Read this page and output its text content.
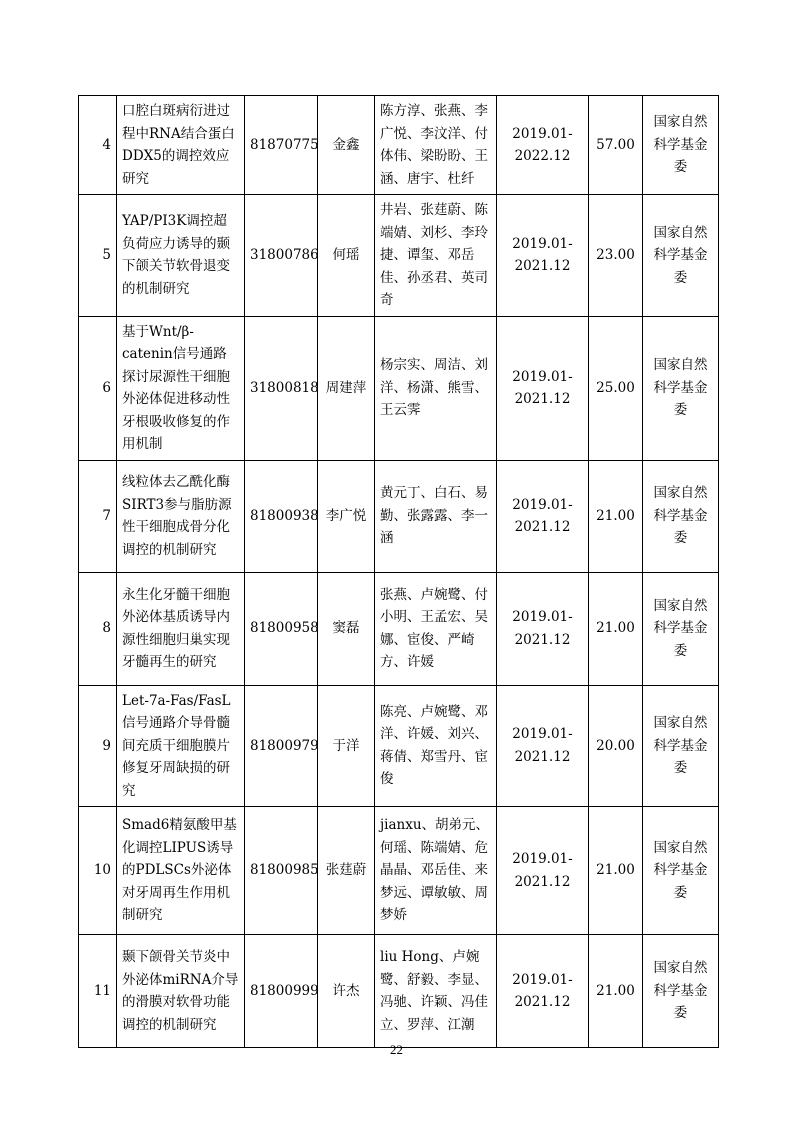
4	口腔白斑病衍进过程中RNA结合蛋白DDX5的调控效应研究	81870775	金鑫	陈方淳、张燕、李广悦、李汶洋、付体伟、梁盼盼、王涵、唐宇、杜纤	2019.01-2022.12	57.00	国家自然科学基金委
5	YAP/PI3K调控超负荷应力诱导的颞下颌关节软骨退变的机制研究	31800786	何瑶	井岩、张莛蔚、陈端婧、刘杉、李玲捷、谭玺、邓岳佳、孙丞君、英司奇	2019.01-2021.12	23.00	国家自然科学基金委
6	基于Wnt/β-catenin信号通路探讨尿源性干细胞外泌体促进移动性牙根吸收修复的作用机制	31800818	周建萍	杨宗实、周洁、刘洋、杨潇、熊雪、王云霁	2019.01-2021.12	25.00	国家自然科学基金委
7	线粒体去乙酰化酶SIRT3参与脂肪源性干细胞成骨分化调控的机制研究	81800938	李广悦	黄元丁、白石、易勤、张露露、李一涵	2019.01-2021.12	21.00	国家自然科学基金委
8	永生化牙髓干细胞外泌体基质诱导内源性细胞归巢实现牙髓再生的研究	81800958	窦磊	张燕、卢婉鹭、付小明、王孟宏、吴娜、宦俊、严崎方、许媛	2019.01-2021.12	21.00	国家自然科学基金委
9	Let-7a-Fas/FasL信号通路介导骨髓间充质干细胞膜片修复牙周缺损的研究	81800979	于洋	陈亮、卢婉鹭、邓洋、许媛、刘兴、蒋倩、郑雪丹、宦俊	2019.01-2021.12	20.00	国家自然科学基金委
10	Smad6精氨酸甲基化调控LIPUS诱导的PDLSCs外泌体对牙周再生作用机制研究	81800985	张莛蔚	jianxu、胡弟元、何瑶、陈端婧、危晶晶、邓岳佳、来梦远、谭敏敏、周梦娇	2019.01-2021.12	21.00	国家自然科学基金委
11	颞下颌骨关节炎中外泌体miRNA介导的滑膜对软骨功能调控的机制研究	81800999	许杰	liu Hong、卢婉鹭、舒毅、李显、冯驰、许颖、冯佳立、罗萍、江潮	2019.01-2021.12	21.00	国家自然科学基金委
22
